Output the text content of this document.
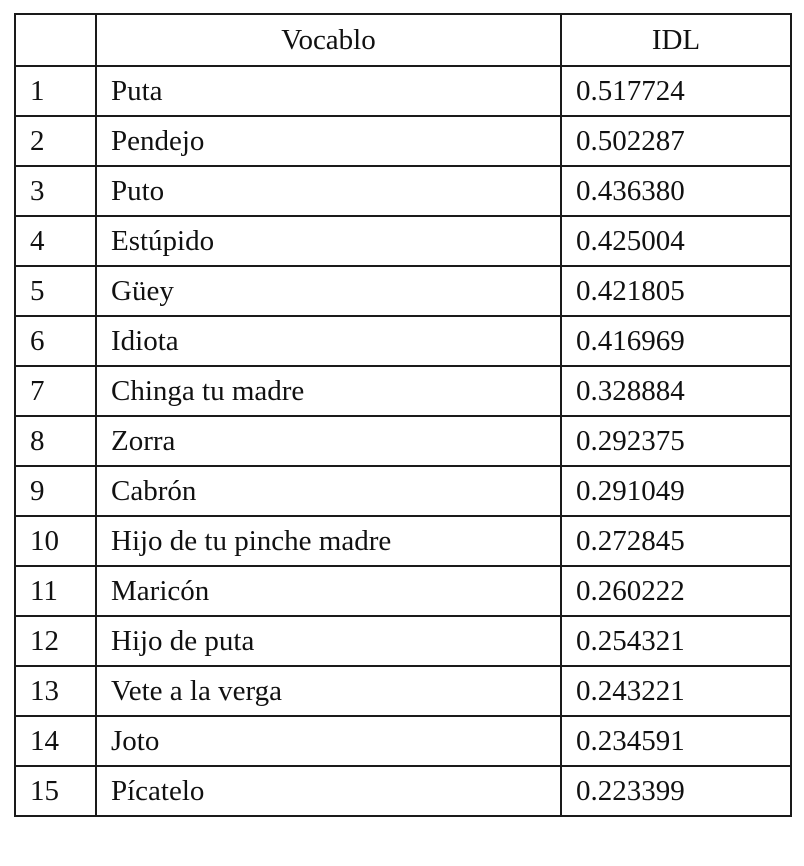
	Vocablo	IDL
1	Puta	0.517724
2	Pendejo	0.502287
3	Puto	0.436380
4	Estúpido	0.425004
5	Güey	0.421805
6	Idiota	0.416969
7	Chinga tu madre	0.328884
8	Zorra	0.292375
9	Cabrón	0.291049
10	Hijo de tu pinche madre	0.272845
11	Maricón	0.260222
12	Hijo de puta	0.254321
13	Vete a la verga	0.243221
14	Joto	0.234591
15	Pícatelo	0.223399
